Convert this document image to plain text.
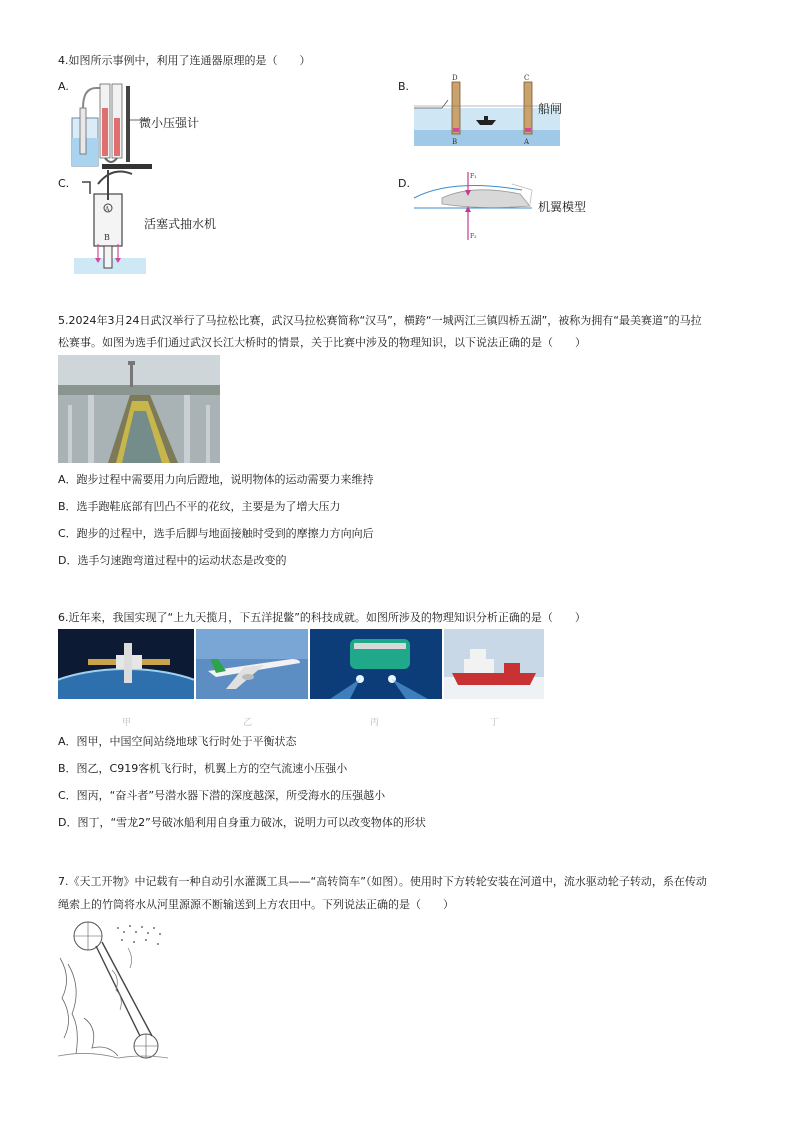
4.如图所示事例中，利用了连通器原理的是（　　）
A.
微小压强计
B.
D	C
B	A
船闸
C.
A
B
活塞式抽水机
D.
F₁
F₂
机翼模型
5.2024年3月24日武汉举行了马拉松比赛，武汉马拉松赛简称“汉马”，横跨“一城两江三镇四桥五湖”，被称为拥有“最美赛道”的马拉
松赛事。如图为选手们通过武汉长江大桥时的情景，关于比赛中涉及的物理知识，以下说法正确的是（　　）
A．跑步过程中需要用力向后蹬地，说明物体的运动需要力来维持
B．选手跑鞋底部有凹凸不平的花纹，主要是为了增大压力
C．跑步的过程中，选手后脚与地面接触时受到的摩擦力方向向后
D．选手匀速跑弯道过程中的运动状态是改变的
6.近年来，我国实现了“上九天揽月，下五洋捉鳖”的科技成就。如图所涉及的物理知识分析正确的是（　　）
甲	乙	丙	丁
A．图甲，中国空间站绕地球飞行时处于平衡状态
B．图乙，C919客机飞行时，机翼上方的空气流速小压强小
C．图丙，“奋斗者”号潜水器下潜的深度越深，所受海水的压强越小
D．图丁，“雪龙2”号破冰船利用自身重力破冰，说明力可以改变物体的形状
7.《天工开物》中记载有一种自动引水灌溉工具——“高转筒车”（如图）。使用时下方转轮安装在河道中，流水驱动轮子转动，系在传动
绳索上的竹筒将水从河里源源不断输送到上方农田中。下列说法正确的是（　　）
